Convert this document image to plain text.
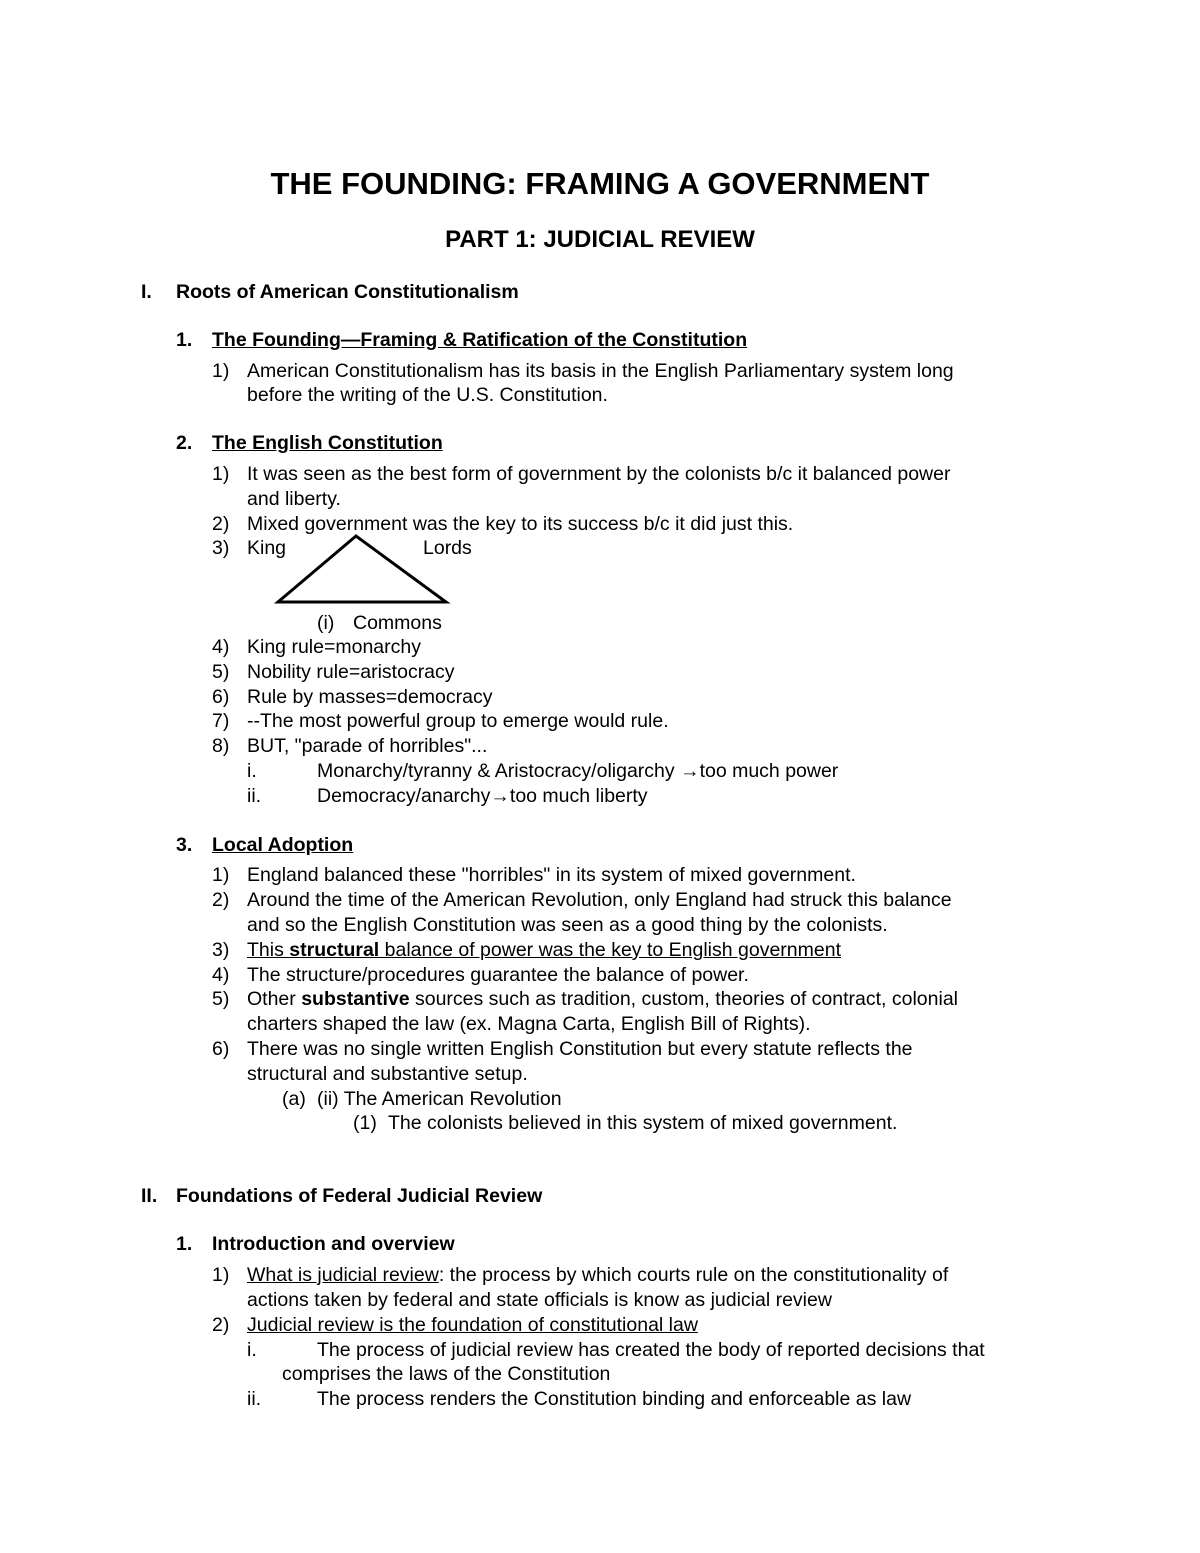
THE FOUNDING: FRAMING A GOVERNMENT
PART 1: JUDICIAL REVIEW
I. Roots of American Constitutionalism
1. The Founding—Framing & Ratification of the Constitution
1) American Constitutionalism has its basis in the English Parliamentary system long
before the writing of the U.S. Constitution.
2. The English Constitution
1) It was seen as the best form of government by the colonists b/c it balanced power
and liberty.
2) Mixed government was the key to its success b/c it did just this.
3) King	Lords
(i) Commons
4) King rule=monarchy
5) Nobility rule=aristocracy
6) Rule by masses=democracy
7) --The most powerful group to emerge would rule.
8) BUT, "parade of horribles"...
i.	Monarchy/tyranny & Aristocracy/oligarchy →too much power
ii.	Democracy/anarchy→too much liberty
3. Local Adoption
1) England balanced these "horribles" in its system of mixed government.
2) Around the time of the American Revolution, only England had struck this balance
and so the English Constitution was seen as a good thing by the colonists.
3) This structural balance of power was the key to English government
4) The structure/procedures guarantee the balance of power.
5) Other substantive sources such as tradition, custom, theories of contract, colonial
charters shaped the law (ex. Magna Carta, English Bill of Rights).
6) There was no single written English Constitution but every statute reflects the
structural and substantive setup.
(a) (ii) The American Revolution
(1) The colonists believed in this system of mixed government.
II. Foundations of Federal Judicial Review
1. Introduction and overview
1) What is judicial review: the process by which courts rule on the constitutionality of
actions taken by federal and state officials is know as judicial review
2) Judicial review is the foundation of constitutional law
i.	The process of judicial review has created the body of reported decisions that
comprises the laws of the Constitution
ii.	The process renders the Constitution binding and enforceable as law
